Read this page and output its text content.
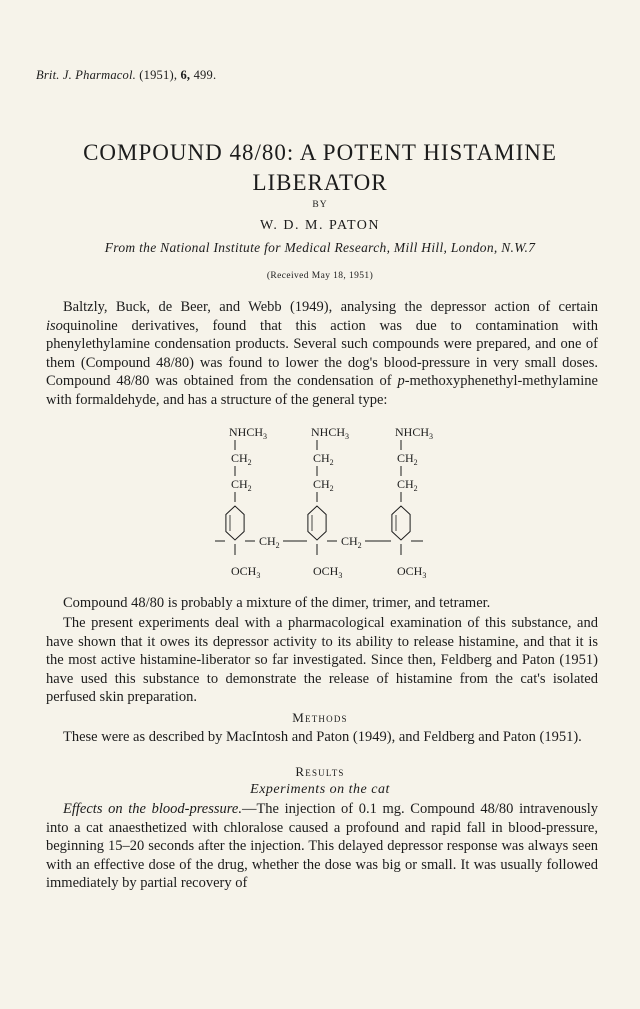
Brit. J. Pharmacol. (1951), 6, 499.
COMPOUND 48/80: A POTENT HISTAMINE
LIBERATOR
BY
W. D. M. PATON
From the National Institute for Medical Research, Mill Hill, London, N.W.7
(Received May 18, 1951)
Baltzly, Buck, de Beer, and Webb (1949), analysing the depressor action of certain isoquinoline derivatives, found that this action was due to contamination with phenylethylamine condensation products. Several such compounds were prepared, and one of them (Compound 48/80) was found to lower the dog's blood-pressure in very small doses. Compound 48/80 was obtained from the condensation of p-methoxyphenethyl-methylamine with formaldehyde, and has a structure of the general type:
$NHCH_3$
$CH_2$
$CH_2$
$OCH_3$
$NHCH_3$
$CH_2$
$CH_2$
$OCH_3$
$NHCH_3$
$CH_2$
$CH_2$
$OCH_3$
$CH_2$	$CH_2$
Compound 48/80 is probably a mixture of the dimer, trimer, and tetramer.
The present experiments deal with a pharmacological examination of this substance, and have shown that it owes its depressor activity to its ability to release histamine, and that it is the most active histamine-liberator so far investigated. Since then, Feldberg and Paton (1951) have used this substance to demonstrate the release of histamine from the cat's isolated perfused skin preparation.
Methods
These were as described by MacIntosh and Paton (1949), and Feldberg and Paton (1951).
Results
Experiments on the cat
Effects on the blood-pressure.—The injection of 0.1 mg. Compound 48/80 intravenously into a cat anaesthetized with chloralose caused a profound and rapid fall in blood-pressure, beginning 15–20 seconds after the injection. This delayed depressor response was always seen with an effective dose of the drug, whether the dose was big or small. It was usually followed immediately by partial recovery of
